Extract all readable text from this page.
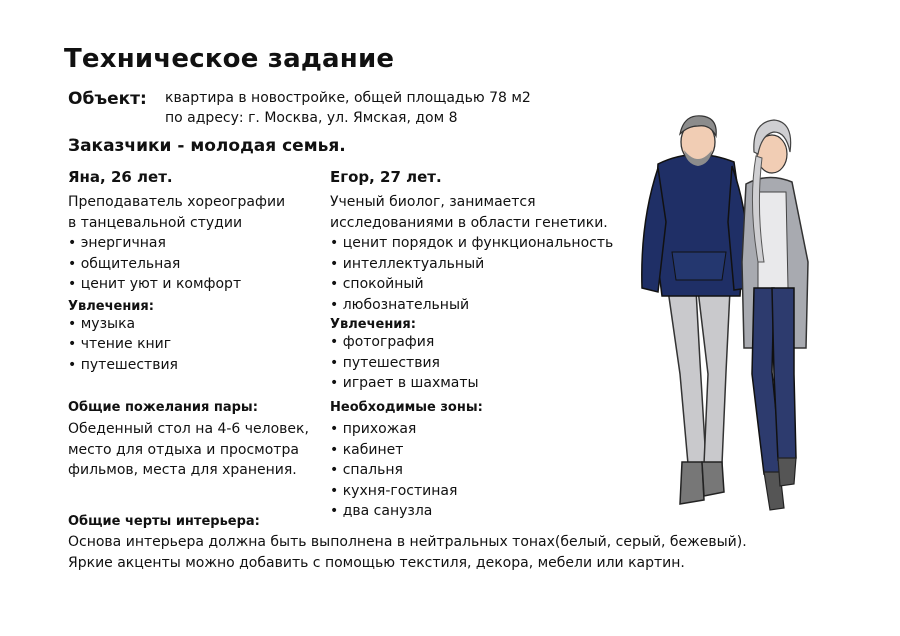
Техническое задание
Объект: квартира в новостройке, общей площадью 78 м2
по адресу: г. Москва, ул. Ямская, дом 8
Заказчики - молодая семья.
Яна, 26 лет.
Преподаватель хореографии
в танцевальной студии
• энергичная
• общительная
• ценит уют и комфорт
Увлечения:
• музыка
• чтение книг
• путешествия
Общие пожелания пары:
Обеденный стол на 4-6 человек,
место для отдыха и просмотра
фильмов, места для хранения.
Егор, 27 лет.
Ученый биолог, занимается
исследованиями в области генетики.
• ценит порядок и функциональность
• интеллектуальный
• спокойный
• любознательный
Увлечения:
• фотография
• путешествия
• играет в шахматы
Необходимые зоны:
• прихожая
• кабинет
• спальня
• кухня-гостиная
• два санузла
Общие черты интерьера:
Основа интерьера должна быть выполнена в нейтральных тонах(белый, серый, бежевый).
Яркие акценты можно добавить с помощью текстиля, декора, мебели или картин.
